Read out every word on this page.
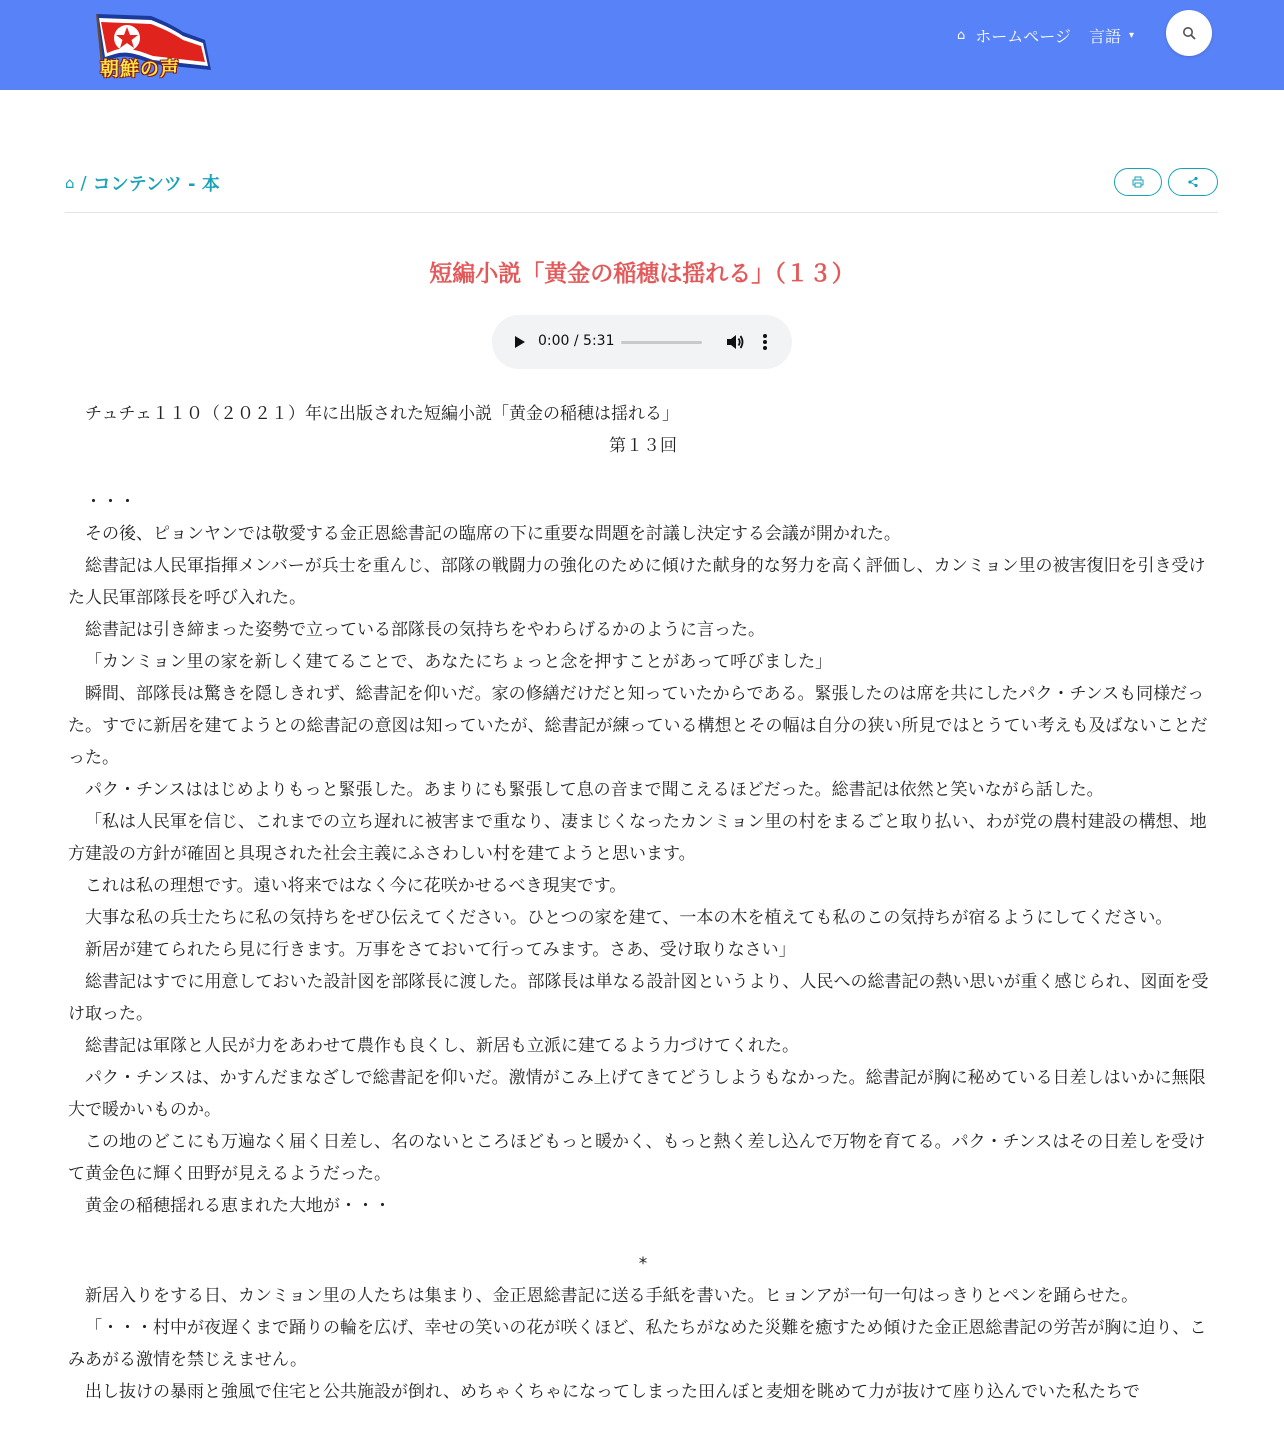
朝鮮の声
⌂ ホームページ 言語 ▾
⌂ / コンテンツ - 本
短編小説「黄金の稲穂は揺れる」（１３）
0:00 / 5:31

チュチェ１１０（２０２１）年に出版された短編小説「黄金の稲穂は揺れる」

第１３回

・・・

その後、ピョンヤンでは敬愛する金正恩総書記の臨席の下に重要な問題を討議し決定する会議が開かれた。

総書記は人民軍指揮メンバーが兵士を重んじ、部隊の戦闘力の強化のために傾けた献身的な努力を高く評価し、カンミョン里の被害復旧を引き受けた人民軍部隊長を呼び入れた。

総書記は引き締まった姿勢で立っている部隊長の気持ちをやわらげるかのように言った。

「カンミョン里の家を新しく建てることで、あなたにちょっと念を押すことがあって呼びました」

瞬間、部隊長は驚きを隠しきれず、総書記を仰いだ。家の修繕だけだと知っていたからである。緊張したのは席を共にしたパク・チンスも同様だった。すでに新居を建てようとの総書記の意図は知っていたが、総書記が練っている構想とその幅は自分の狭い所見ではとうてい考えも及ばないことだった。

パク・チンスははじめよりもっと緊張した。あまりにも緊張して息の音まで聞こえるほどだった。総書記は依然と笑いながら話した。

「私は人民軍を信じ、これまでの立ち遅れに被害まで重なり、凄まじくなったカンミョン里の村をまるごと取り払い、わが党の農村建設の構想、地方建設の方針が確固と具現された社会主義にふさわしい村を建てようと思います。

これは私の理想です。遠い将来ではなく今に花咲かせるべき現実です。

大事な私の兵士たちに私の気持ちをぜひ伝えてください。ひとつの家を建て、一本の木を植えても私のこの気持ちが宿るようにしてください。

新居が建てられたら見に行きます。万事をさておいて行ってみます。さあ、受け取りなさい」

総書記はすでに用意しておいた設計図を部隊長に渡した。部隊長は単なる設計図というより、人民への総書記の熱い思いが重く感じられ、図面を受け取った。

総書記は軍隊と人民が力をあわせて農作も良くし、新居も立派に建てるよう力づけてくれた。

パク・チンスは、かすんだまなざしで総書記を仰いだ。激情がこみ上げてきてどうしようもなかった。総書記が胸に秘めている日差しはいかに無限大で暖かいものか。

この地のどこにも万遍なく届く日差し、名のないところほどもっと暖かく、もっと熱く差し込んで万物を育てる。パク・チンスはその日差しを受けて黄金色に輝く田野が見えるようだった。

黄金の稲穂揺れる恵まれた大地が・・・

*

新居入りをする日、カンミョン里の人たちは集まり、金正恩総書記に送る手紙を書いた。ヒョンアが一句一句はっきりとペンを踊らせた。

「・・・村中が夜遅くまで踊りの輪を広げ、幸せの笑いの花が咲くほど、私たちがなめた災難を癒すため傾けた金正恩総書記の労苦が胸に迫り、こみあがる激情を禁じえません。

出し抜けの暴雨と強風で住宅と公共施設が倒れ、めちゃくちゃになってしまった田んぼと麦畑を眺めて力が抜けて座り込んでいた私たちで
